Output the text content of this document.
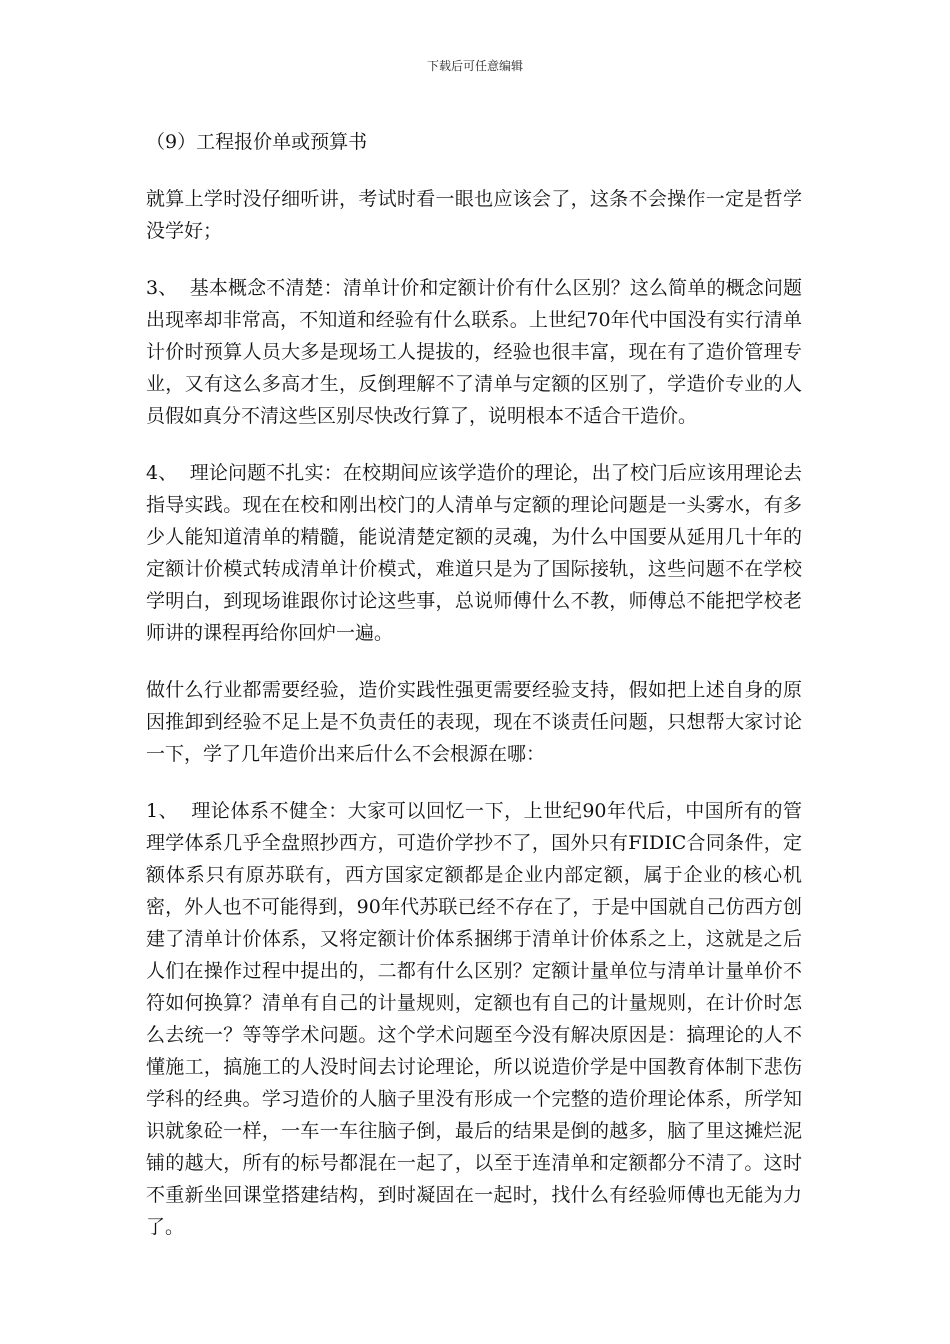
下载后可任意编辑

（9）工程报价单或预算书

就算上学时没仔细听讲，考试时看一眼也应该会了，这条不会操作一定是哲学没学好；

3、  基本概念不清楚：清单计价和定额计价有什么区别？这么简单的概念问题出现率却非常高，不知道和经验有什么联系。上世纪70年代中国没有实行清单计价时预算人员大多是现场工人提拔的，经验也很丰富，现在有了造价管理专业，又有这么多高才生，反倒理解不了清单与定额的区别了，学造价专业的人员假如真分不清这些区别尽快改行算了，说明根本不适合干造价。

4、  理论问题不扎实：在校期间应该学造价的理论，出了校门后应该用理论去指导实践。现在在校和刚出校门的人清单与定额的理论问题是一头雾水，有多少人能知道清单的精髓，能说清楚定额的灵魂，为什么中国要从延用几十年的定额计价模式转成清单计价模式，难道只是为了国际接轨，这些问题不在学校学明白，到现场谁跟你讨论这些事，总说师傅什么不教，师傅总不能把学校老师讲的课程再给你回炉一遍。

做什么行业都需要经验，造价实践性强更需要经验支持，假如把上述自身的原因推卸到经验不足上是不负责任的表现，现在不谈责任问题，只想帮大家讨论一下，学了几年造价出来后什么不会根源在哪：

1、  理论体系不健全：大家可以回忆一下，上世纪90年代后，中国所有的管理学体系几乎全盘照抄西方，可造价学抄不了，国外只有FIDIC合同条件，定额体系只有原苏联有，西方国家定额都是企业内部定额，属于企业的核心机密，外人也不可能得到，90年代苏联已经不存在了，于是中国就自己仿西方创建了清单计价体系，又将定额计价体系捆绑于清单计价体系之上，这就是之后人们在操作过程中提出的，二都有什么区别？定额计量单位与清单计量单价不符如何换算？清单有自己的计量规则，定额也有自己的计量规则，在计价时怎么去统一？等等学术问题。这个学术问题至今没有解决原因是：搞理论的人不懂施工，搞施工的人没时间去讨论理论，所以说造价学是中国教育体制下悲伤学科的经典。学习造价的人脑子里没有形成一个完整的造价理论体系，所学知识就象砼一样，一车一车往脑子倒，最后的结果是倒的越多，脑了里这摊烂泥铺的越大，所有的标号都混在一起了，以至于连清单和定额都分不清了。这时不重新坐回课堂搭建结构，到时凝固在一起时，找什么有经验师傅也无能为力了。
